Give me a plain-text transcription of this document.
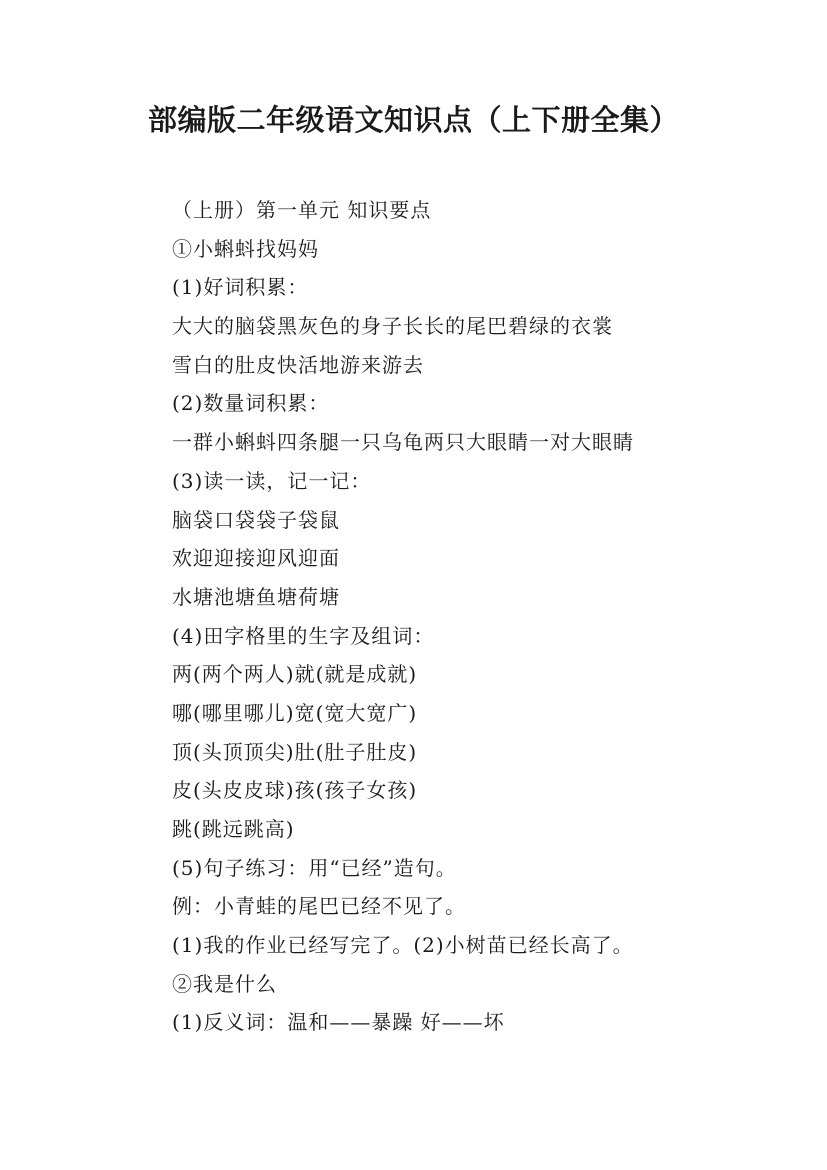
部编版二年级语文知识点（上下册全集）
（上册）第一单元 知识要点
①小蝌蚪找妈妈
(1)好词积累：
大大的脑袋黑灰色的身子长长的尾巴碧绿的衣裳
雪白的肚皮快活地游来游去
(2)数量词积累：
一群小蝌蚪四条腿一只乌龟两只大眼睛一对大眼睛
(3)读一读，记一记：
脑袋口袋袋子袋鼠
欢迎迎接迎风迎面
水塘池塘鱼塘荷塘
(4)田字格里的生字及组词：
两(两个两人)就(就是成就)
哪(哪里哪儿)宽(宽大宽广)
顶(头顶顶尖)肚(肚子肚皮)
皮(头皮皮球)孩(孩子女孩)
跳(跳远跳高)
(5)句子练习：用“已经”造句。
例：小青蛙的尾巴已经不见了。
(1)我的作业已经写完了。(2)小树苗已经长高了。
②我是什么
(1)反义词：温和——暴躁 好——坏
